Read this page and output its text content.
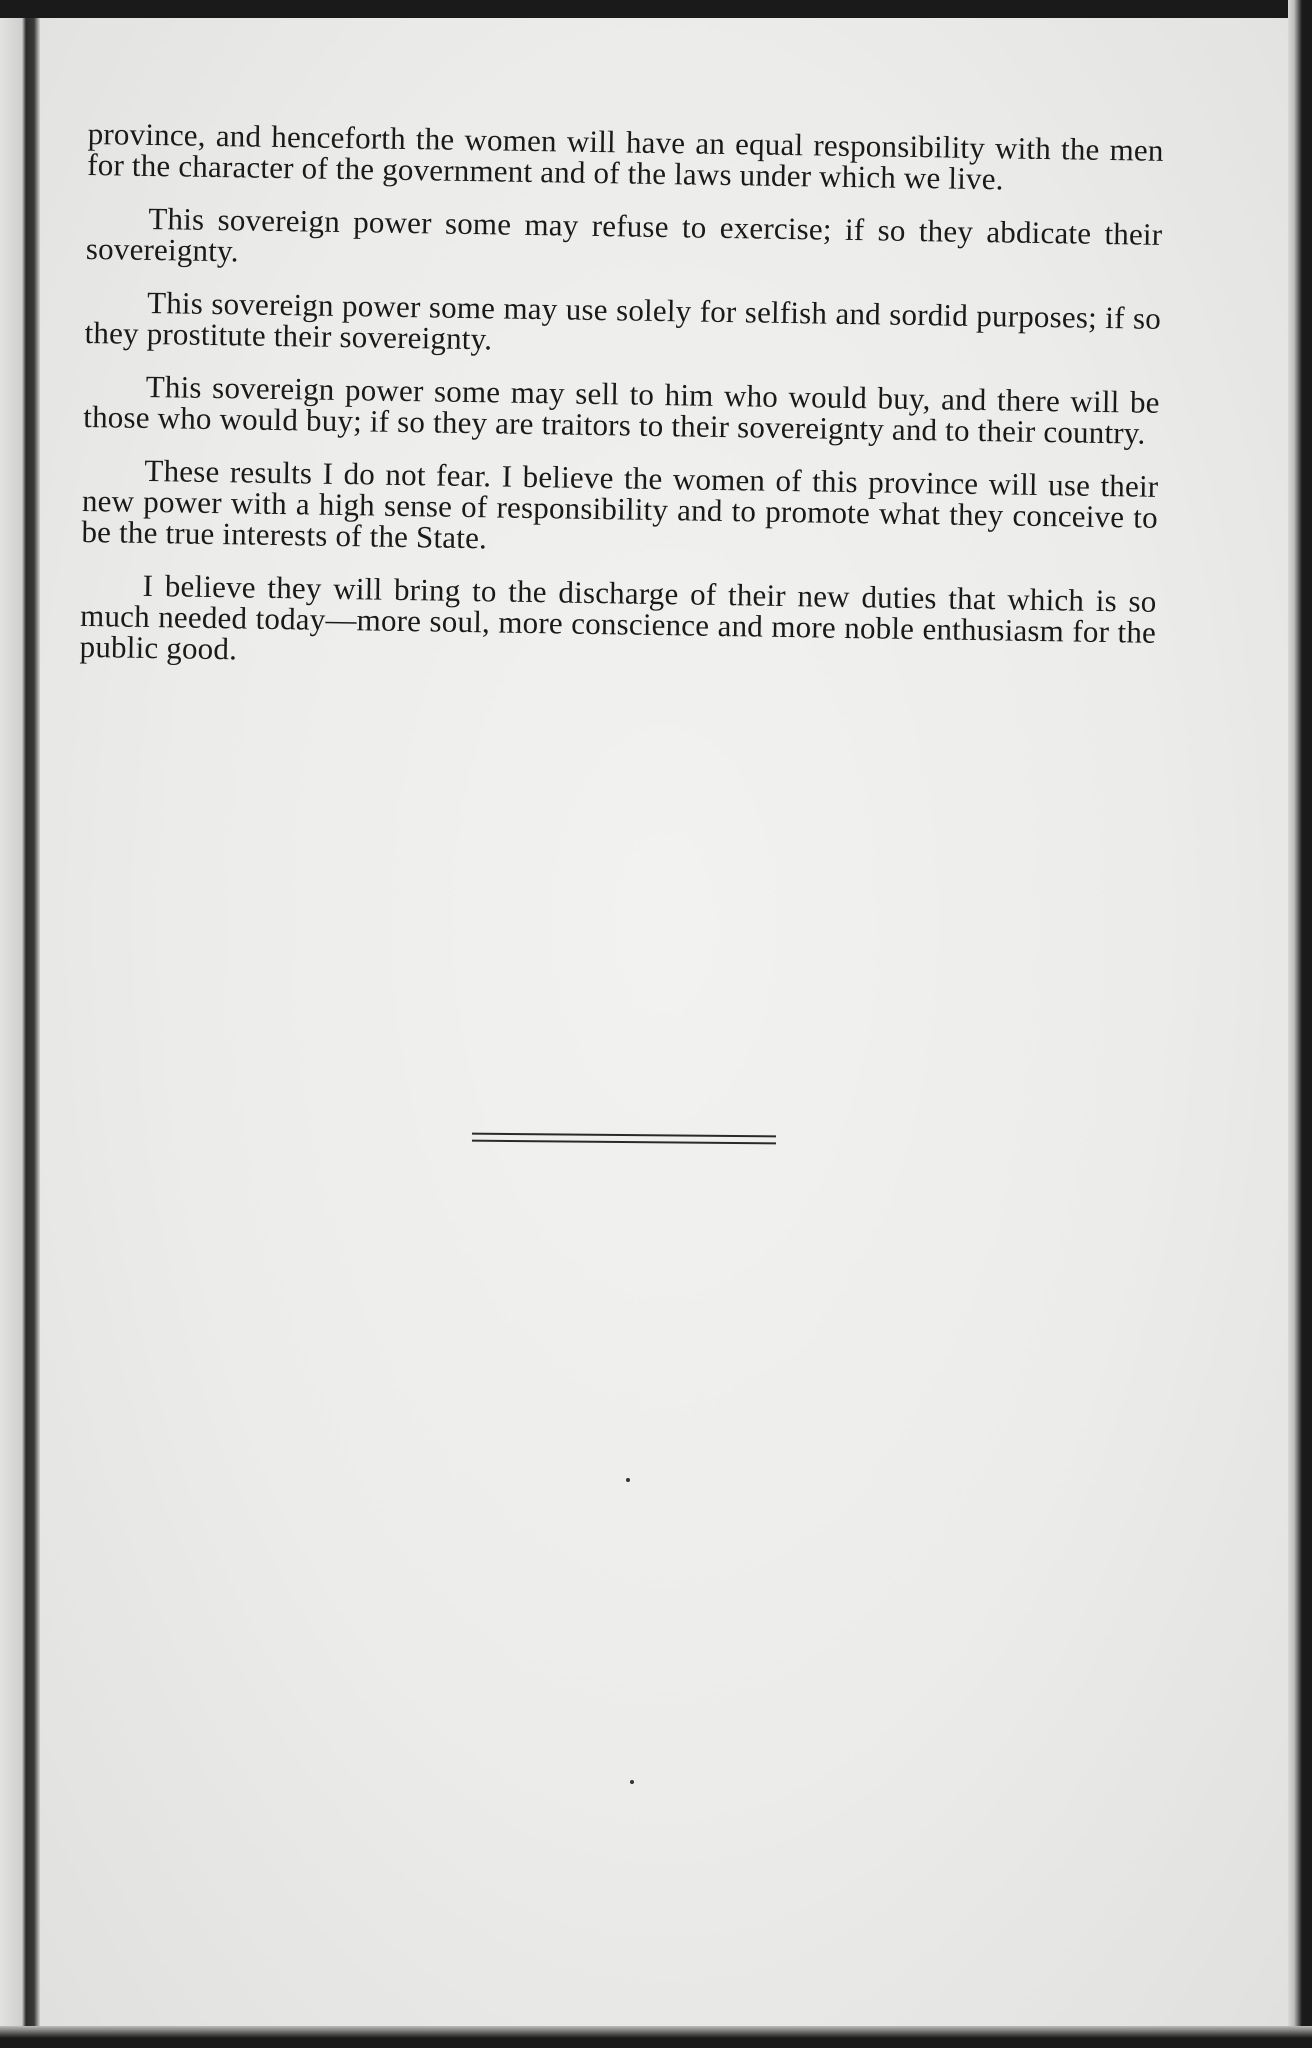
province, and henceforth the women will have an equal responsibility with the men for the character of the government and of the laws under which we live.

This sovereign power some may refuse to exercise; if so they abdicate their sovereignty.

This sovereign power some may use solely for selfish and sordid purposes; if so they prostitute their sovereignty.

This sovereign power some may sell to him who would buy, and there will be those who would buy; if so they are traitors to their sovereignty and to their country.

These results I do not fear. I believe the women of this province will use their new power with a high sense of responsibility and to promote what they conceive to be the true interests of the State.

I believe they will bring to the discharge of their new duties that which is so much needed today—more soul, more conscience and more noble enthusiasm for the public good.
